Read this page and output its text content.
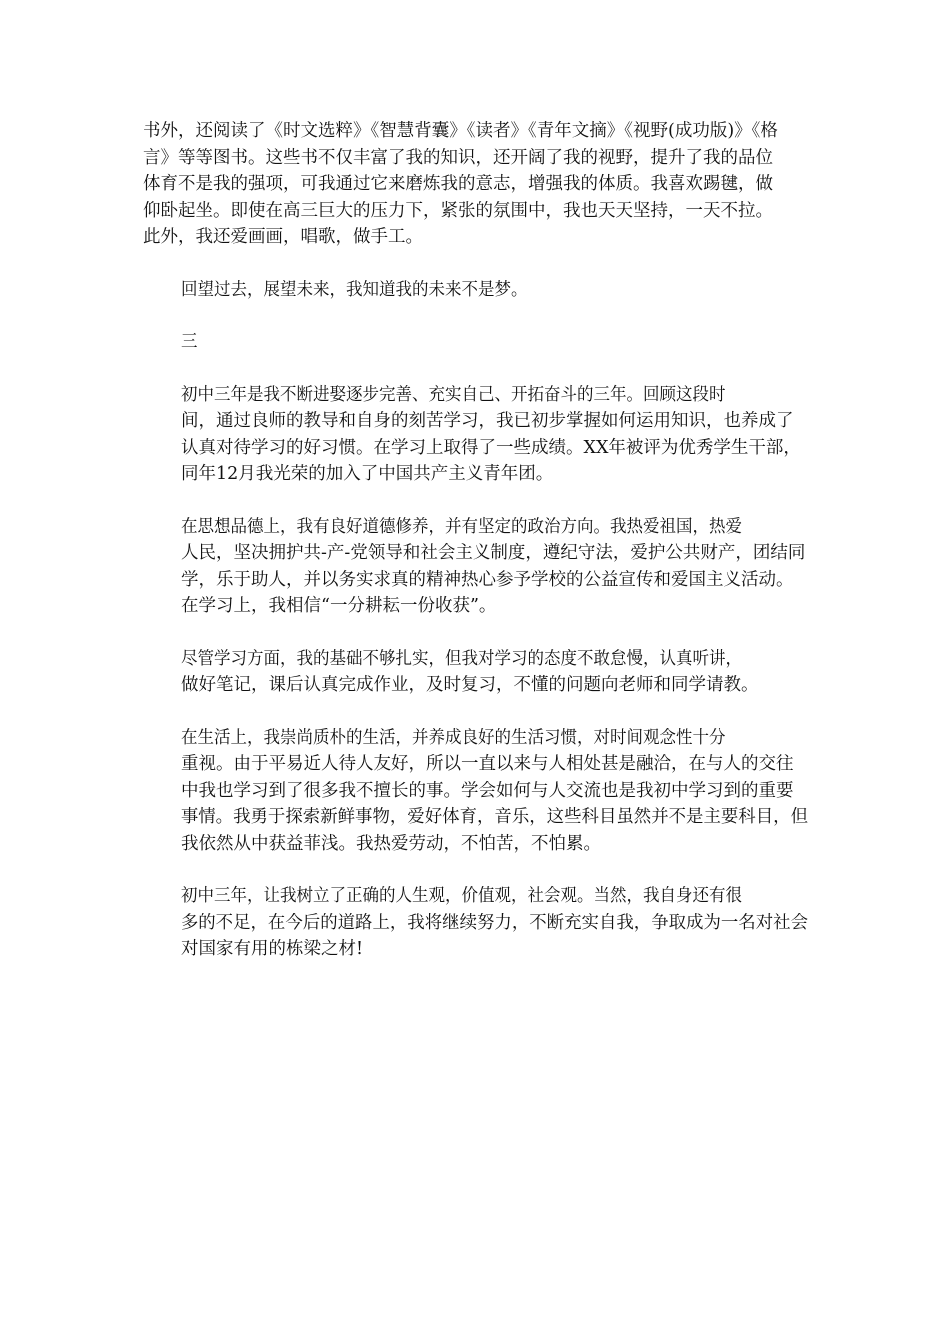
书外，还阅读了《时文选粹》《智慧背囊》《读者》《青年文摘》《视野(成功版)》《格
言》等等图书。这些书不仅丰富了我的知识，还开阔了我的视野，提升了我的品位
体育不是我的强项，可我通过它来磨炼我的意志，增强我的体质。我喜欢踢毽，做
仰卧起坐。即使在高三巨大的压力下，紧张的氛围中，我也天天坚持，一天不拉。
此外，我还爱画画，唱歌，做手工。
回望过去，展望未来，我知道我的未来不是梦。
三
初中三年是我不断进娶逐步完善、充实自己、开拓奋斗的三年。回顾这段时
间，通过良师的教导和自身的刻苦学习，我已初步掌握如何运用知识，也养成了
认真对待学习的好习惯。在学习上取得了一些成绩。XX年被评为优秀学生干部，
同年12月我光荣的加入了中国共产主义青年团。
在思想品德上，我有良好道德修养，并有坚定的政治方向。我热爱祖国，热爱
人民，坚决拥护共-产-党领导和社会主义制度，遵纪守法，爱护公共财产，团结同
学，乐于助人，并以务实求真的精神热心参予学校的公益宣传和爱国主义活动。
在学习上，我相信“一分耕耘一份收获”。
尽管学习方面，我的基础不够扎实，但我对学习的态度不敢怠慢，认真听讲，
做好笔记，课后认真完成作业，及时复习，不懂的问题向老师和同学请教。
在生活上，我崇尚质朴的生活，并养成良好的生活习惯，对时间观念性十分
重视。由于平易近人待人友好，所以一直以来与人相处甚是融洽，在与人的交往
中我也学习到了很多我不擅长的事。学会如何与人交流也是我初中学习到的重要
事情。我勇于探索新鲜事物，爱好体育，音乐，这些科目虽然并不是主要科目，但
我依然从中获益菲浅。我热爱劳动，不怕苦，不怕累。
初中三年，让我树立了正确的人生观，价值观，社会观。当然，我自身还有很
多的不足，在今后的道路上，我将继续努力，不断充实自我，争取成为一名对社会
对国家有用的栋梁之材!
